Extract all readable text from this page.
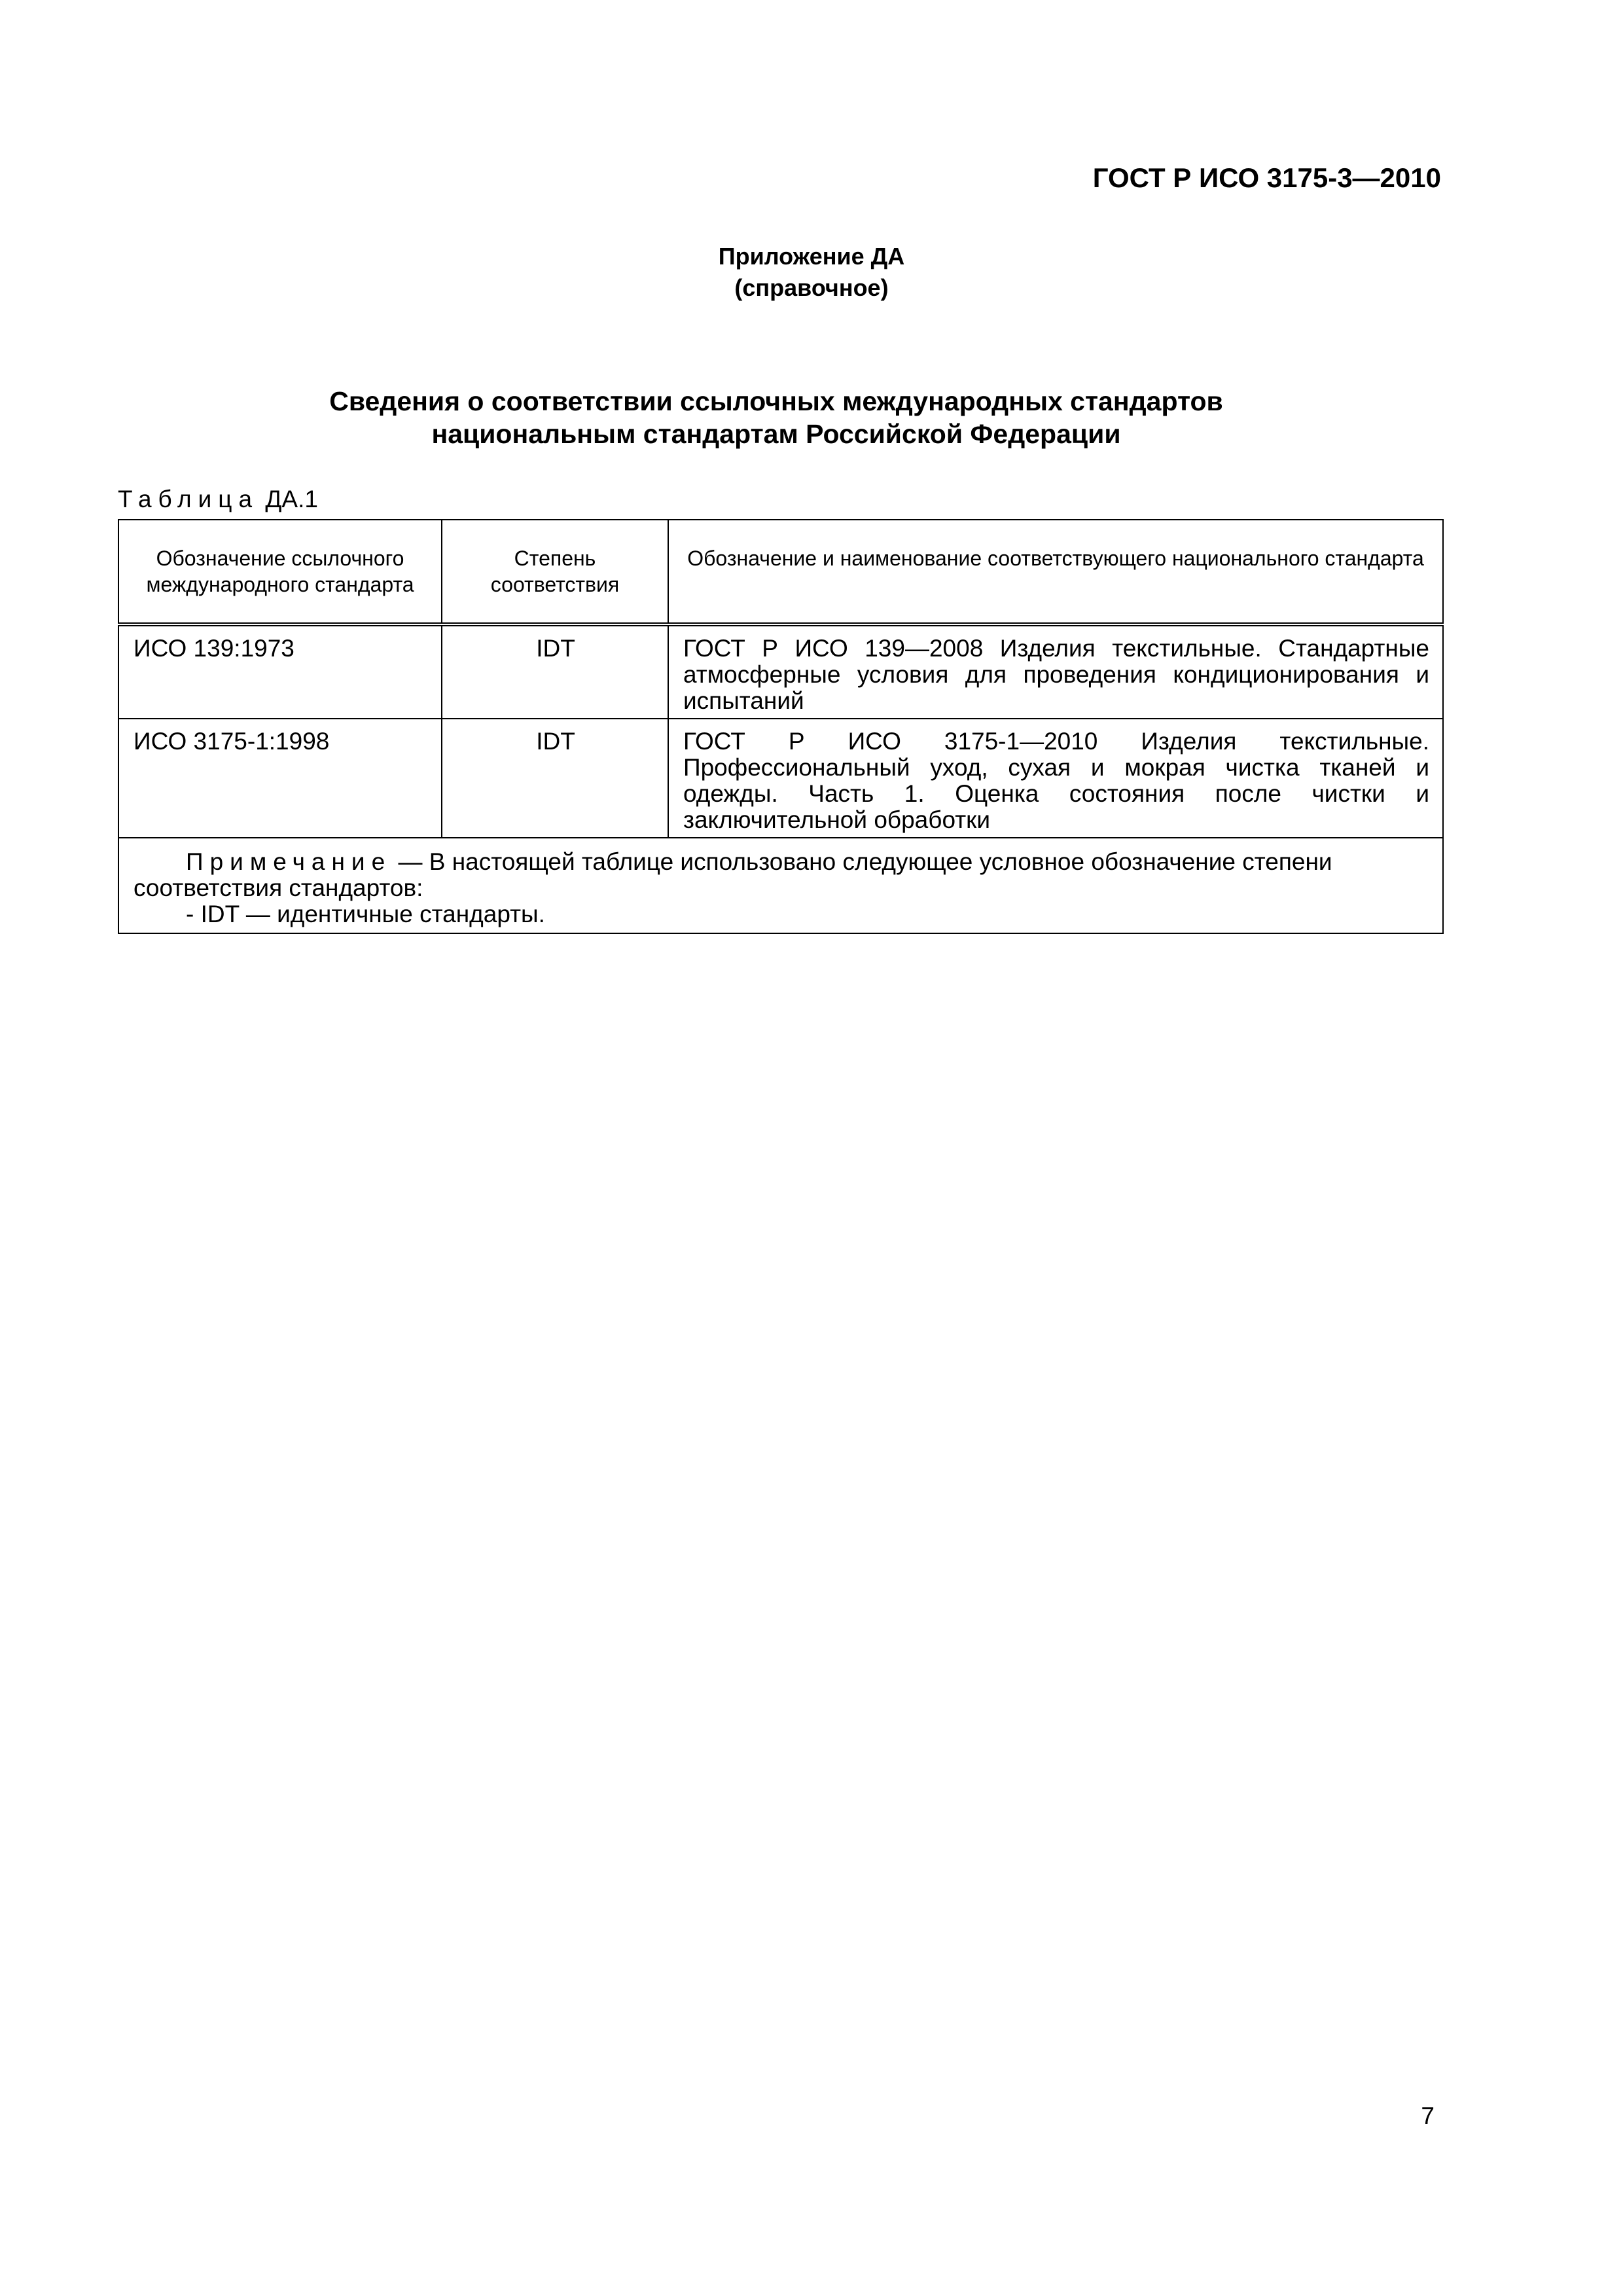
ГОСТ Р ИСО 3175-3—2010
Приложение ДА
(справочное)
Сведения о соответствии ссылочных международных стандартов
национальным стандартам Российской Федерации
Таблица ДА.1
Обозначение ссылочного международного стандарта	Степень соответствия	Обозначение и наименование соответствующего национального стандарта
ИСО 139:1973	IDT	ГОСТ Р ИСО 139—2008 Изделия текстильные. Стандартные атмосферные условия для проведения кондиционирования и испытаний
ИСО 3175-1:1998	IDT	ГОСТ Р ИСО 3175-1—2010 Изделия текстильные. Профессиональный уход, сухая и мокрая чистка тканей и одежды. Часть 1. Оценка состояния после чистки и заключительной обработки

Примечание — В настоящей таблице использовано следующее условное обозначение степени соответствия стандартов:
- IDT — идентичные стандарты.		
7
